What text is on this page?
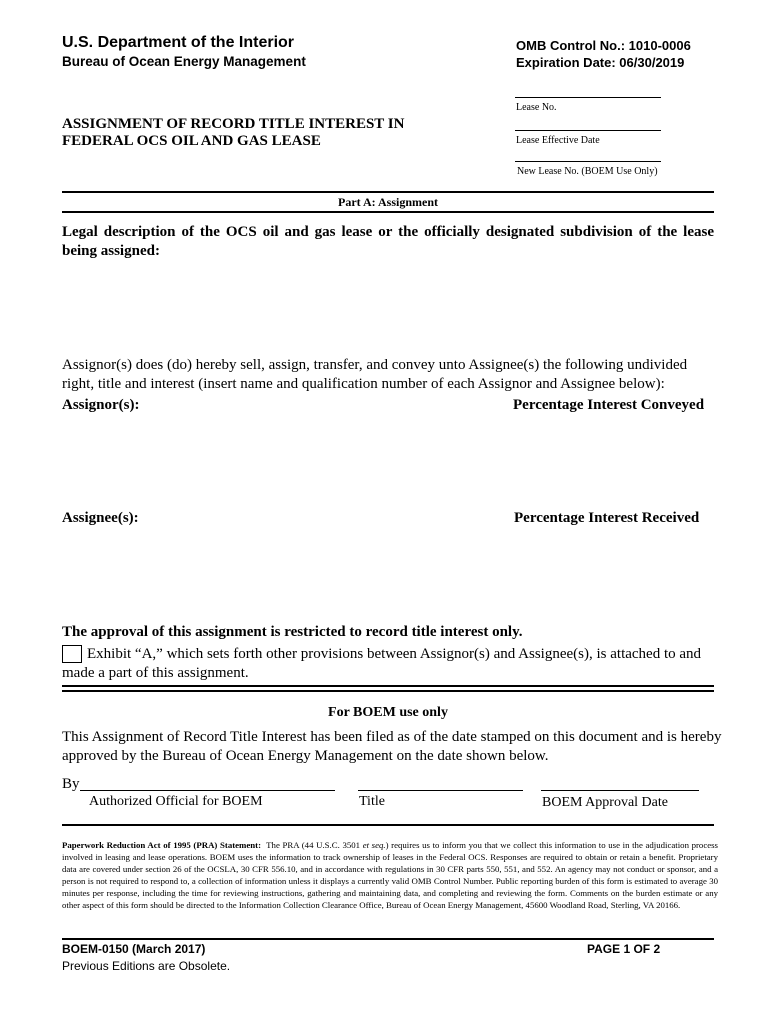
U.S. Department of the Interior
Bureau of Ocean Energy Management
OMB Control No.: 1010-0006
Expiration Date: 06/30/2019
ASSIGNMENT OF RECORD TITLE INTEREST IN
FEDERAL OCS OIL AND GAS LEASE
Lease No.
Lease Effective Date
New Lease No. (BOEM Use Only)
Part A: Assignment
Legal description of the OCS oil and gas lease or the officially designated subdivision of the lease being assigned:
Assignor(s) does (do) hereby sell, assign, transfer, and convey unto Assignee(s) the following undivided right, title and interest (insert name and qualification number of each Assignor and Assignee below):
Assignor(s):	Percentage Interest Conveyed
Assignee(s):	Percentage Interest Received
The approval of this assignment is restricted to record title interest only.
Exhibit “A,” which sets forth other provisions between Assignor(s) and Assignee(s), is attached to and made a part of this assignment.
For BOEM use only
This Assignment of Record Title Interest has been filed as of the date stamped on this document and is hereby approved by the Bureau of Ocean Energy Management on the date shown below.
By
Authorized Official for BOEM	Title	BOEM Approval Date
Paperwork Reduction Act of 1995 (PRA) Statement: The PRA (44 U.S.C. 3501 et seq.) requires us to inform you that we collect this information to use in the adjudication process involved in leasing and lease operations. BOEM uses the information to track ownership of leases in the Federal OCS. Responses are required to obtain or retain a benefit. Proprietary data are covered under section 26 of the OCSLA, 30 CFR 556.10, and in accordance with regulations in 30 CFR parts 550, 551, and 552. An agency may not conduct or sponsor, and a person is not required to respond to, a collection of information unless it displays a currently valid OMB Control Number. Public reporting burden of this form is estimated to average 30 minutes per response, including the time for reviewing instructions, gathering and maintaining data, and completing and reviewing the form. Comments on the burden estimate or any other aspect of this form should be directed to the Information Collection Clearance Office, Bureau of Ocean Energy Management, 45600 Woodland Road, Sterling, VA 20166.
BOEM-0150 (March 2017)
Previous Editions are Obsolete.
PAGE 1 OF 2
